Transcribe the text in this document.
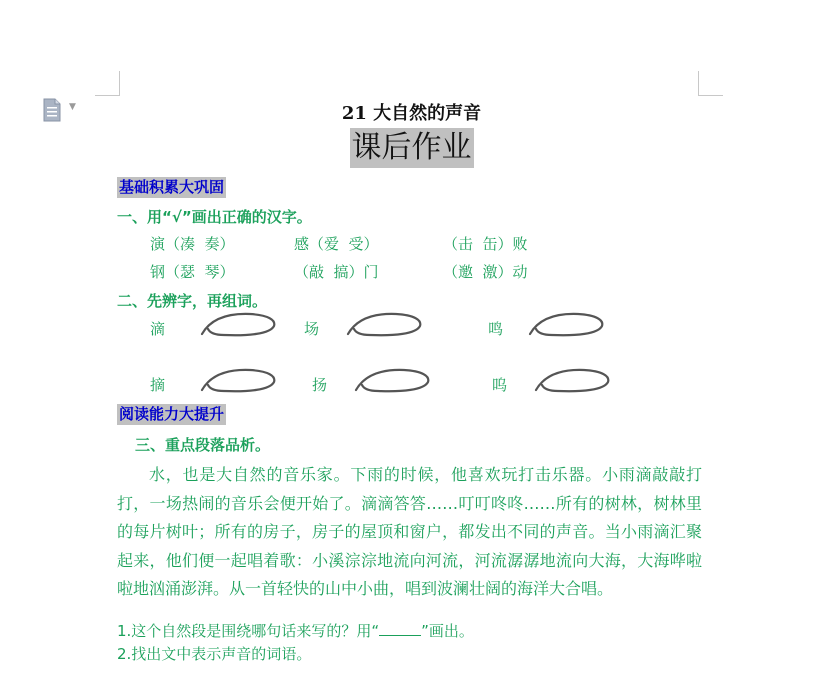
▼	21 大自然的声音
课后作业
基础积累大巩固
一、用“√”画出正确的汉字。
演（凑  奏）	感（爱  受）	（击  缶）败
钢（瑟  琴）	（敲  搞）门	（邀  激）动
二、先辨字，再组词。
滴	场	鸣
摘	扬	呜
阅读能力大提升
三、重点段落品析。

水，也是大自然的音乐家。下雨的时候，他喜欢玩打击乐器。小雨滴敲敲打打，一场热闹的音乐会便开始了。滴滴答答……叮叮咚咚……所有的树林，树林里的每片树叶；所有的房子，房子的屋顶和窗户，都发出不同的声音。当小雨滴汇聚起来，他们便一起唱着歌：小溪淙淙地流向河流，河流潺潺地流向大海，大海哗啦啦地汹涌澎湃。从一首轻快的山中小曲，唱到波澜壮阔的海洋大合唱。

1.这个自然段是围绕哪句话来写的？用“	”画出。
2.找出文中表示声音的词语。
